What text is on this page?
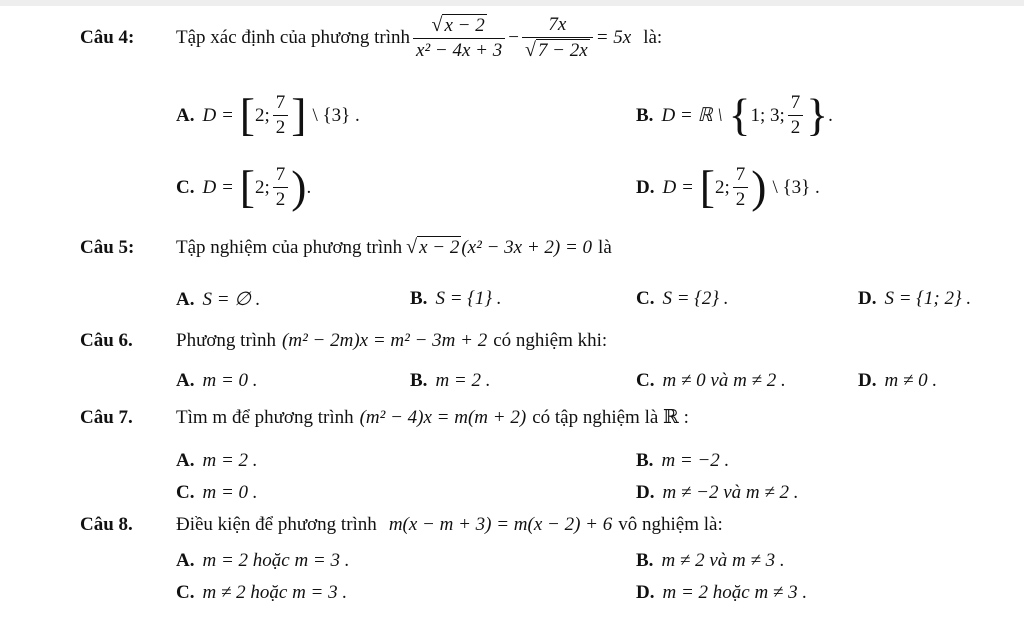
Câu 4:	Tập xác định của phương trình $\frac{√ x - 2}{\text{x² − 4x + 3}} - \frac{7x}{√ 7 - 2x} = 5x$ là:
A. D = [ 2; $\frac{7}{2}$ ] \ {3} .	B. D = ℝ \ { 1; 3; $\frac{7}{2}$ } .
C. D = [ 2; $\frac{7}{2}$ ) .	D. D = [ 2; $\frac{7}{2}$ ) \ {3} .
Câu 5:	Tập nghiệm của phương trình √ x − 2 (x² − 3x + 2) = 0 là
A. S = ∅ .	B. S = {1} .	C. S = {2} .	D. S = {1; 2} .
Câu 6.	Phương trình (m² − 2m)x = m² − 3m + 2 có nghiệm khi:
A. m = 0 .	B. m = 2 .	C. m ≠ 0 và m ≠ 2 .	D. m ≠ 0 .
Câu 7.	Tìm m để phương trình (m² − 4)x = m(m + 2) có tập nghiệm là ℝ :
A. m = 2 .	B. m = −2 .
C. m = 0 .	D. m ≠ −2 và m ≠ 2 .
Câu 8.	Điều kiện để phương trình m(x − m + 3) = m(x − 2) + 6 vô nghiệm là:
A. m = 2 hoặc m = 3 .	B. m ≠ 2 và m ≠ 3 .
C. m ≠ 2 hoặc m = 3 .	D. m = 2 hoặc m ≠ 3 .
